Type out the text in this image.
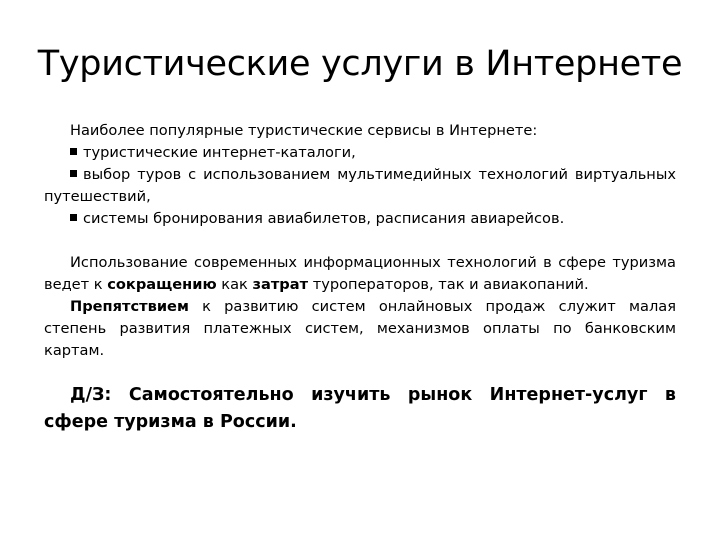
Туристические услуги в Интернете

Наиболее популярные туристические сервисы в Интернете:

туристические интернет-каталоги,

выбор туров с использованием мультимедийных технологий виртуальных путешествий,

системы бронирования авиабилетов, расписания авиарейсов.

Использование современных информационных технологий в сфере туризма ведет к сокращению как затрат туроператоров, так и авиакопаний.

Препятствием к развитию систем онлайновых продаж служит малая степень развития платежных систем, механизмов оплаты по банковским картам.

Д/З: Самостоятельно изучить рынок Интернет-услуг в сфере туризма в России.
